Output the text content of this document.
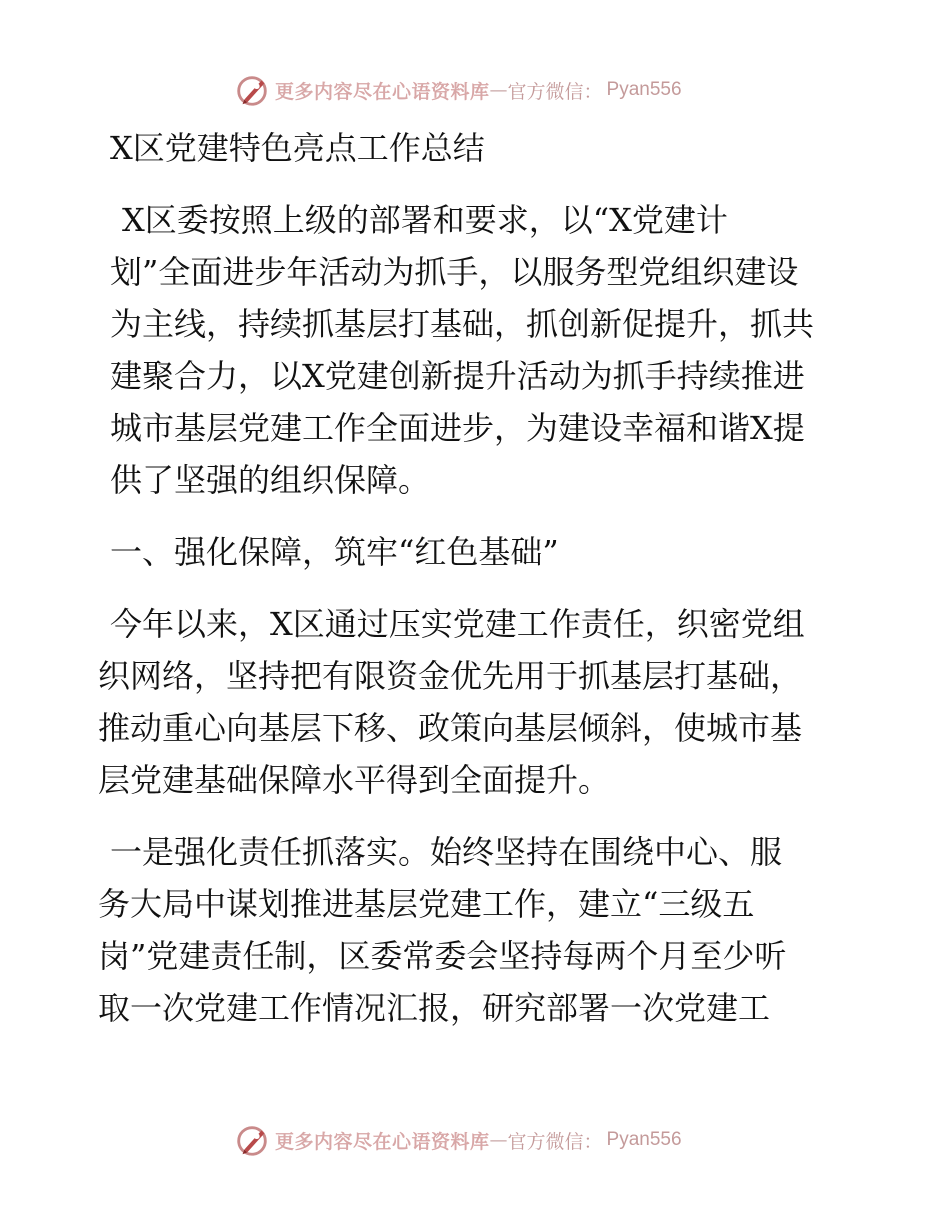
更多内容尽在心语资料库 — 官方微信： Pyan556

X区党建特色亮点工作总结

X区委按照上级的部署和要求，以“X党建计
划”全面进步年活动为抓手，以服务型党组织建设
为主线，持续抓基层打基础，抓创新促提升，抓共
建聚合力，以X党建创新提升活动为抓手持续推进
城市基层党建工作全面进步，为建设幸福和谐X提
供了坚强的组织保障。

一、强化保障，筑牢“红色基础”

今年以来，X区通过压实党建工作责任，织密党组
织网络，坚持把有限资金优先用于抓基层打基础，
推动重心向基层下移、政策向基层倾斜，使城市基
层党建基础保障水平得到全面提升。

一是强化责任抓落实。始终坚持在围绕中心、服
务大局中谋划推进基层党建工作，建立“三级五
岗”党建责任制，区委常委会坚持每两个月至少听
取一次党建工作情况汇报，研究部署一次党建工

更多内容尽在心语资料库 — 官方微信： Pyan556
